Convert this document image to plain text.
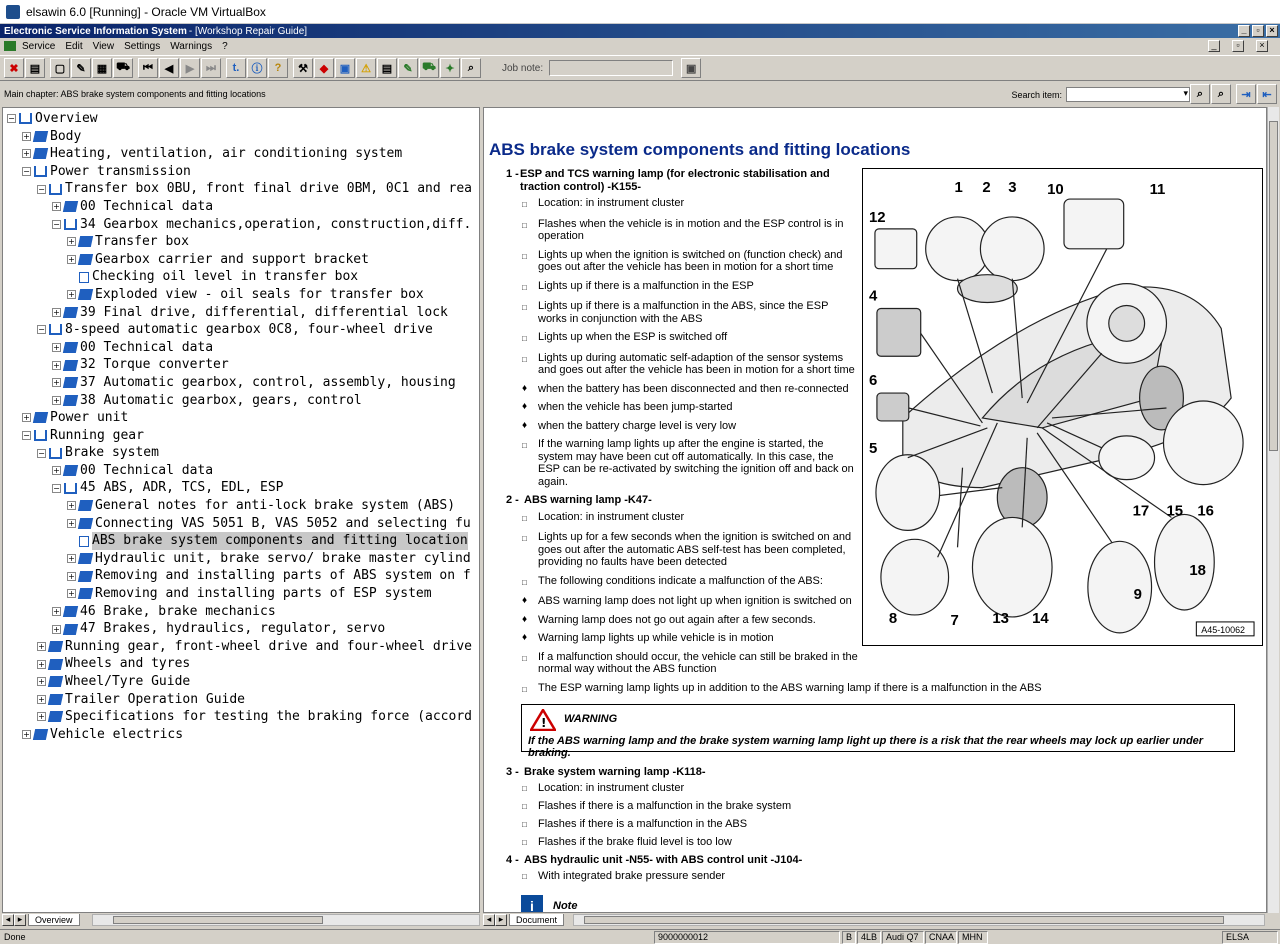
elsawin 6.0 [Running] - Oracle VM VirtualBox
Electronic Service Information System - [Workshop Repair Guide]	_	▫	×
Service Edit View Settings Warnings ?	_	▫	×
✖	▤	▢	✎	▦ ⛟	⏮	◀	▶	⏭	t.	ⓘ	?	⚒	◆	▣ ⚠ ▤	✎ ⛟ ✦	⌕	Job note:	▣
Main chapter: ABS brake system components and fitting locations	Search item:
▾	⌕	⌕	⇥	⇤
− Overview
+ Body
+ Heating, ventilation, air conditioning system
− Power transmission
− Transfer box 0BU, front final drive 0BM, 0C1 and rea
+ 00 Technical data
− 34 Gearbox mechanics,operation, construction,diff.
+ Transfer box
+ Gearbox carrier and support bracket
Checking oil level in transfer box
+ Exploded view - oil seals for transfer box
+ 39 Final drive, differential, differential lock
− 8-speed automatic gearbox 0C8, four-wheel drive
+ 00 Technical data
+ 32 Torque converter
+ 37 Automatic gearbox, control, assembly, housing
+ 38 Automatic gearbox, gears, control
+ Power unit
− Running gear
− Brake system
+ 00 Technical data
− 45 ABS, ADR, TCS, EDL, ESP
+ General notes for anti-lock brake system (ABS)
+ Connecting VAS 5051 B, VAS 5052 and selecting fu
ABS brake system components and fitting location
+ Hydraulic unit, brake servo/ brake master cylind
+ Removing and installing parts of ABS system on f
+ Removing and installing parts of ESP system
+ 46 Brake, brake mechanics
+ 47 Brakes, hydraulics, regulator, servo
+ Running gear, front-wheel drive and four-wheel drive
+ Wheels and tyres
+ Wheel/Tyre Guide
+ Trailer Operation Guide
+ Specifications for testing the braking force (accord
+ Vehicle electrics
◂ ▸	Overview
ABS brake system components and fitting locations
1 - ESP and TCS warning lamp (for electronic stabilisation and traction control) -K155-
□	Location: in instrument cluster
□	Flashes when the vehicle is in motion and the ESP control is in operation
□	Lights up when the ignition is switched on (function check) and goes out after the vehicle has been in motion for a short time
□	Lights up if there is a malfunction in the ESP
□	Lights up if there is a malfunction in the ABS, since the ESP works in conjunction with the ABS
□	Lights up when the ESP is switched off
□	Lights up during automatic self-adaption of the sensor systems and goes out after the vehicle has been in motion for a short time
♦ when the battery has been disconnected and then re-connected
♦ when the vehicle has been jump-started
♦ when the battery charge level is very low
□	If the warning lamp lights up after the engine is started, the system may have been cut off automatically. In this case, the ESP can be re-activated by switching the ignition off and back on again.
2 - ABS warning lamp -K47-
□	Location: in instrument cluster
□	Lights up for a few seconds when the ignition is switched on and goes out after the automatic ABS self-test has been completed, providing no faults have been detected
□	The following conditions indicate a malfunction of the ABS:
♦ ABS warning lamp does not light up when ignition is switched on
♦ Warning lamp does not go out again after a few seconds.
♦ Warning lamp lights up while vehicle is in motion
□	If a malfunction should occur, the vehicle can still be braked in the normal way without the ABS function
□	The ESP warning lamp lights up in addition to the ABS warning lamp if there is a malfunction in the ABS
1 2 3 10	11
12
4
6
5
8	7 13 14
9
18
17 15 16
A45-10062
! WARNING
If the ABS warning lamp and the brake system warning lamp light up there is a risk that the rear wheels may lock up earlier under braking.
3 - Brake system warning lamp -K118-
□	Location: in instrument cluster
□	Flashes if there is a malfunction in the brake system
□	Flashes if there is a malfunction in the ABS
□	Flashes if the brake fluid level is too low
4 - ABS hydraulic unit -N55- with ABS control unit -J104-
□	With integrated brake pressure sender
i	Note
◂ ▸	Document
Done	9000000012	B 4LB Audi Q7	CNAA MHN	ELSA
